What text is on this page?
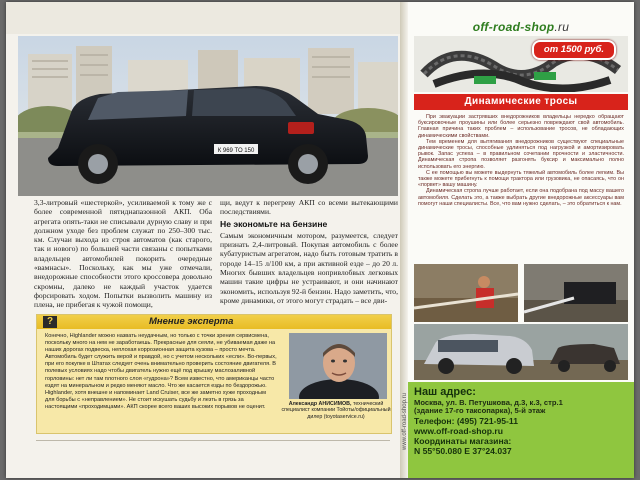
К 969 ТО 150
3,3-литровый «шестеркой», усиливаемой к тому же с более современной пятиднапазонной АКП. Оба агрегата опять-таки не списывали дурную славу и при должном уходе без проблем служат по 250–300 тыс. км. Случаи выхода из строя автоматов (как старого, так и нового) по большей части связаны с попытками владельцев автомобилей покорить очередные «вамнасы». Поскольку, как мы уже отмечали, внедорожные способности этого кроссовера довольно скромны, далеко не каждый участок удается форсировать ходом. Попытки вызволить машину из плена, не прибегая к чужой помощи,

щи, ведут к перегреву АКП со всеми вытекающими последствиями.

Не экономьте на бензине

Самым экономичным мотором, разумеется, следует признать 2,4-литровый. Покупая автомобиль с более кубатуристым агрегатом, надо быть готовым тратить в городе 14–15 л/100 км, а при активной езде – до 20 л. Многих бывших владельцев нопривлобвых легковых машин такие цифры не устраивают, и они начинают экономить, используя 92-й бензин. Надо заметить, что, кроме динамики, от этого могут страдать – все дви-

?	Мнение эксперта
Конечно, Highlander можно назвать неудачным, но только с точки зрения сервисмена, поскольку много на нем не заработаешь. Прекрасные для сеяли, не убиваемая даже на наших дорогах подвеска, неплохая коррозионная защита кузова – просто мечта. Автомобиль будет служить верой и правдой, но с учетом нескольких «если». Во-первых, при его покупке в Штатах следует очень внимательно проверить состояние двигателя. В полевых условиях надо чтобы двигатель нужно ещё под крышку маслозаливной горловины: нет ли там плотного слоя «гудрона»? Всем известно, что американцы часто ездят на минеральном и редко меняют масло. Что же касается езды по бездорожью. Highlander, хотя внешне и напоминает Land Cruiser, все же заметно хуже проходным для борьбы с «неправлением». Не стоит искушать судьбу и лезть в грязь за настоящими «проходимцами». АКП скорее всего ваших высоких порывов не оценит.	Александр АНИСИМОВ, технический специалист компании Тойоты/официальный дилер (toyotaservice.ru)	www.off-road-shop.ru
off-road-shop.ru
от 1500 руб.
Динамические тросы

При эвакуации застрявших внедорожников владельцы нередко обращают буксировочные проушины или более серьезно повреждают свой автомобиль. Главная причина таких проблем – использование тросов, не обладающих динамическими свойствами.

Тем временем для вытягивания внедорожников существуют специальные динамические тросы, способные удлиняться под нагрузкой и амортизировать рывок. Запас успеха – в правильном сочетании прочности и эластичности. Динамическая стропа позволяет разгонять буксир и максимально полно использовать его энергию.

С ее помощью вы можете выдернуть тяжелый автомобиль более легким. Вы также можете прибегнуть к помощи трактора или грузовика, не опасаясь, что он «порвет» вашу машину.

Динамическая стропа лучше работает, если она подобрана под массу вашего автомобиля. Сделать это, а также выбрать другие внедорожные аксессуары вам помогут наши специалисты. Все, что вам нужно сделать, – это обратиться к нам.

Наш адрес:

Москва, ул. В. Петушкова, д.3, к.3, стр.1

(здание 17-го таксопарка), 5-й этаж

Телефон: (495) 721-95-11

www.off-road-shop.ru

Координаты магазина:

N 55°50.080 E 37°24.037
